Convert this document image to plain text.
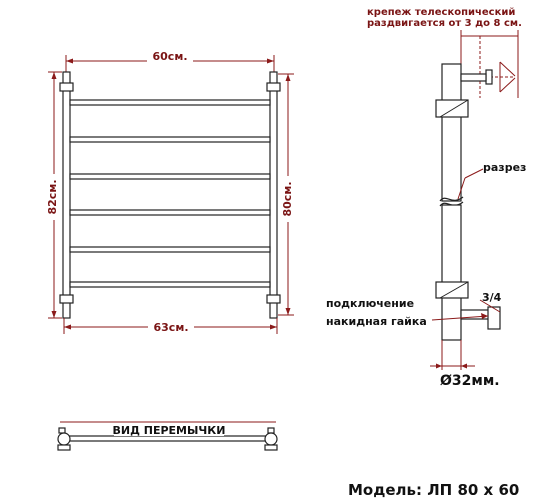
60см.
82см.	80см.
63см.
ВИД ПЕРЕМЫЧКИ
крепеж телескопический
раздвигается от 3 до 8 см.
разрез
3/4
подключение
накидная гайка
Ø32мм.
Модель: ЛП 80 х 60
